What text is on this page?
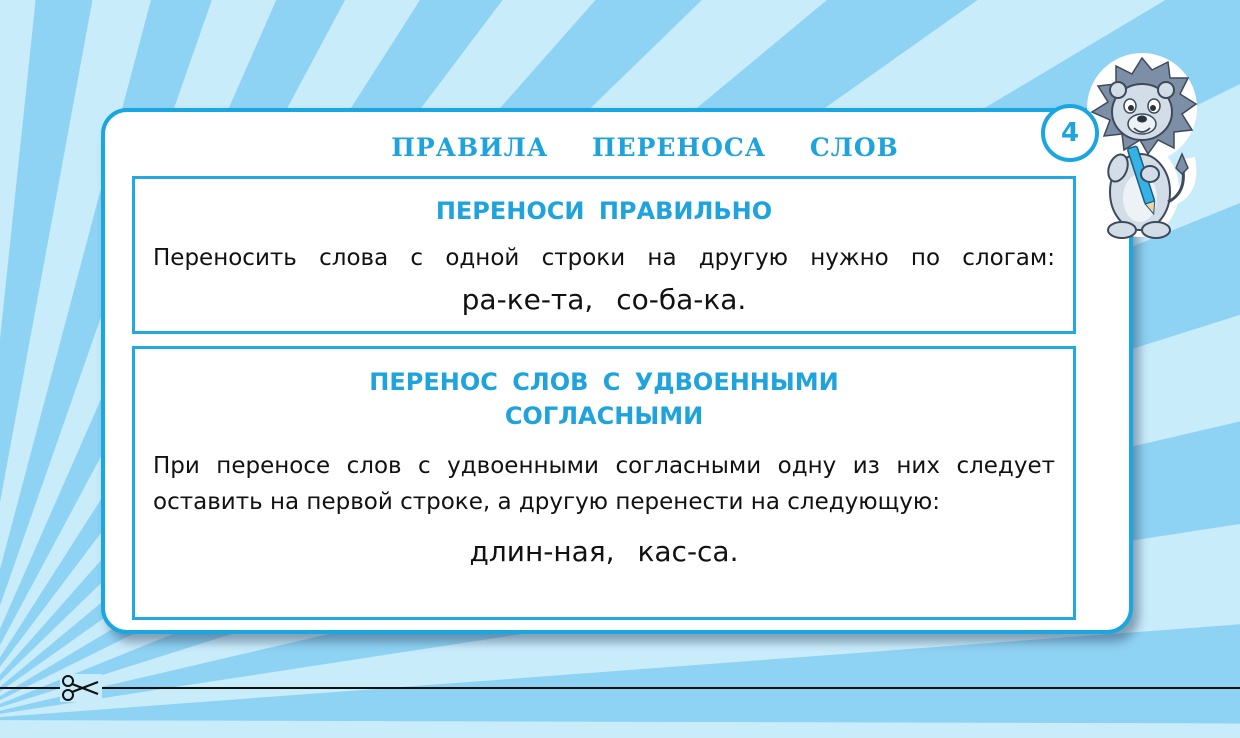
ПРАВИЛА ПЕРЕНОСА СЛОВ
ПЕРЕНОСИ ПРАВИЛЬНО

Переносить слова с одной строки на другую нужно по слогам:

ра-ке-та, со-ба-ка.

ПЕРЕНОС СЛОВ С УДВОЕННЫМИ
СОГЛАСНЫМИ

При переносе слов с удвоенными согласными одну из них следует оставить на первой строке, а другую перенести на следующую:

длин-ная, кас-са.

4
